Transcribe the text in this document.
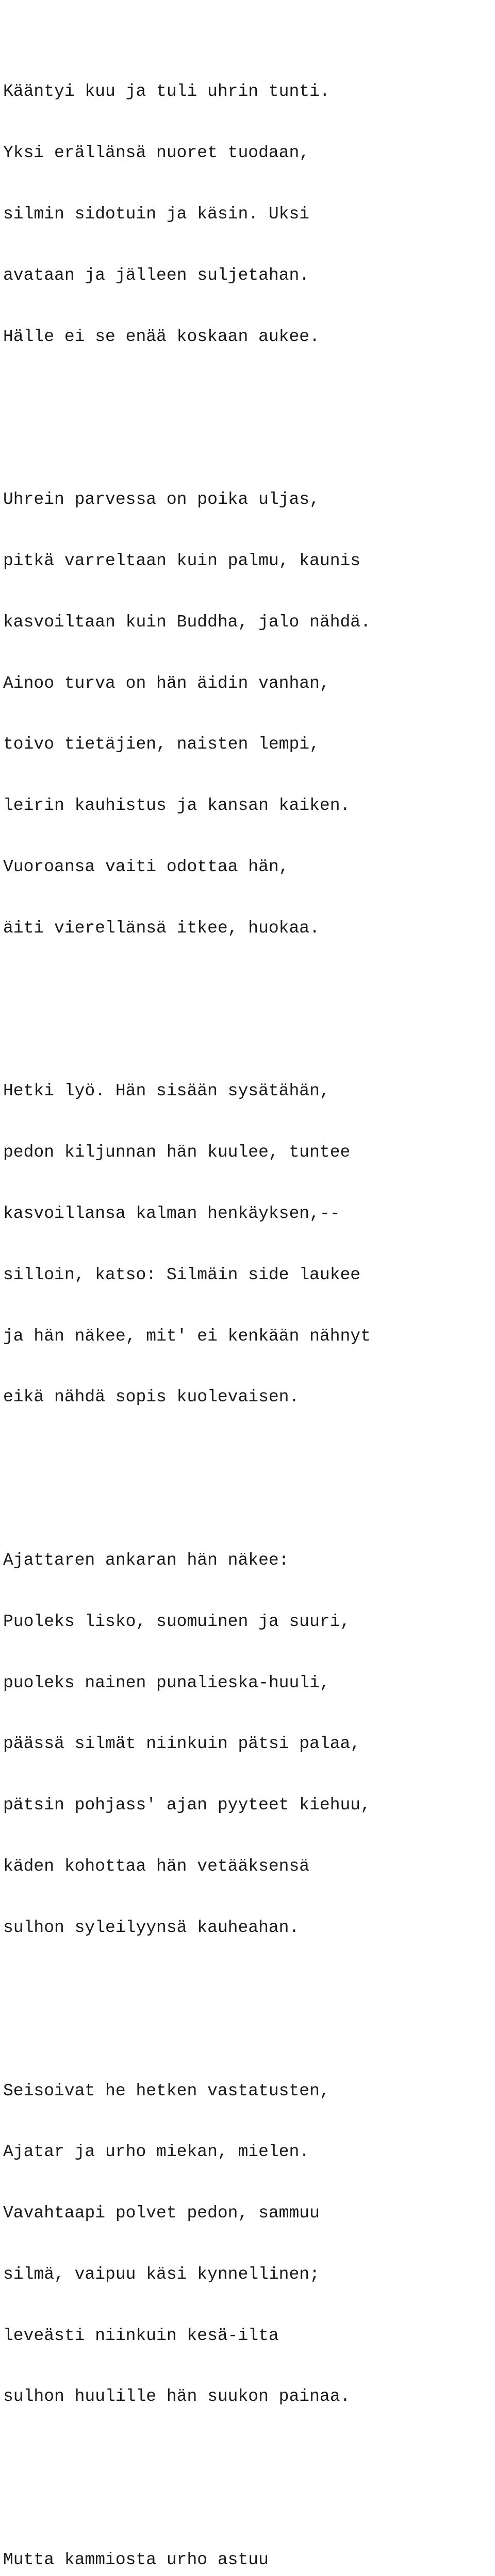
Kääntyi kuu ja tuli uhrin tunti.

Yksi erällänsä nuoret tuodaan,

silmin sidotuin ja käsin. Uksi

avataan ja jälleen suljetahan.

Hälle ei se enää koskaan aukee.

Uhrein parvessa on poika uljas,

pitkä varreltaan kuin palmu, kaunis

kasvoiltaan kuin Buddha, jalo nähdä.

Ainoo turva on hän äidin vanhan,

toivo tietäjien, naisten lempi,

leirin kauhistus ja kansan kaiken.

Vuoroansa vaiti odottaa hän,

äiti vierellänsä itkee, huokaa.

Hetki lyö. Hän sisään sysätähän,

pedon kiljunnan hän kuulee, tuntee

kasvoillansa kalman henkäyksen,--

silloin, katso: Silmäin side laukee

ja hän näkee, mit' ei kenkään nähnyt

eikä nähdä sopis kuolevaisen.

Ajattaren ankaran hän näkee:

Puoleks lisko, suomuinen ja suuri,

puoleks nainen punalieska-huuli,

päässä silmät niinkuin pätsi palaa,

pätsin pohjass' ajan pyyteet kiehuu,

käden kohottaa hän vetääksensä

sulhon syleilyynsä kauheahan.

Seisoivat he hetken vastatusten,

Ajatar ja urho miekan, mielen.

Vavahtaapi polvet pedon, sammuu

silmä, vaipuu käsi kynnellinen;

leveästi niinkuin kesä-ilta

sulhon huulille hän suukon painaa.

Mutta kammiosta urho astuu
